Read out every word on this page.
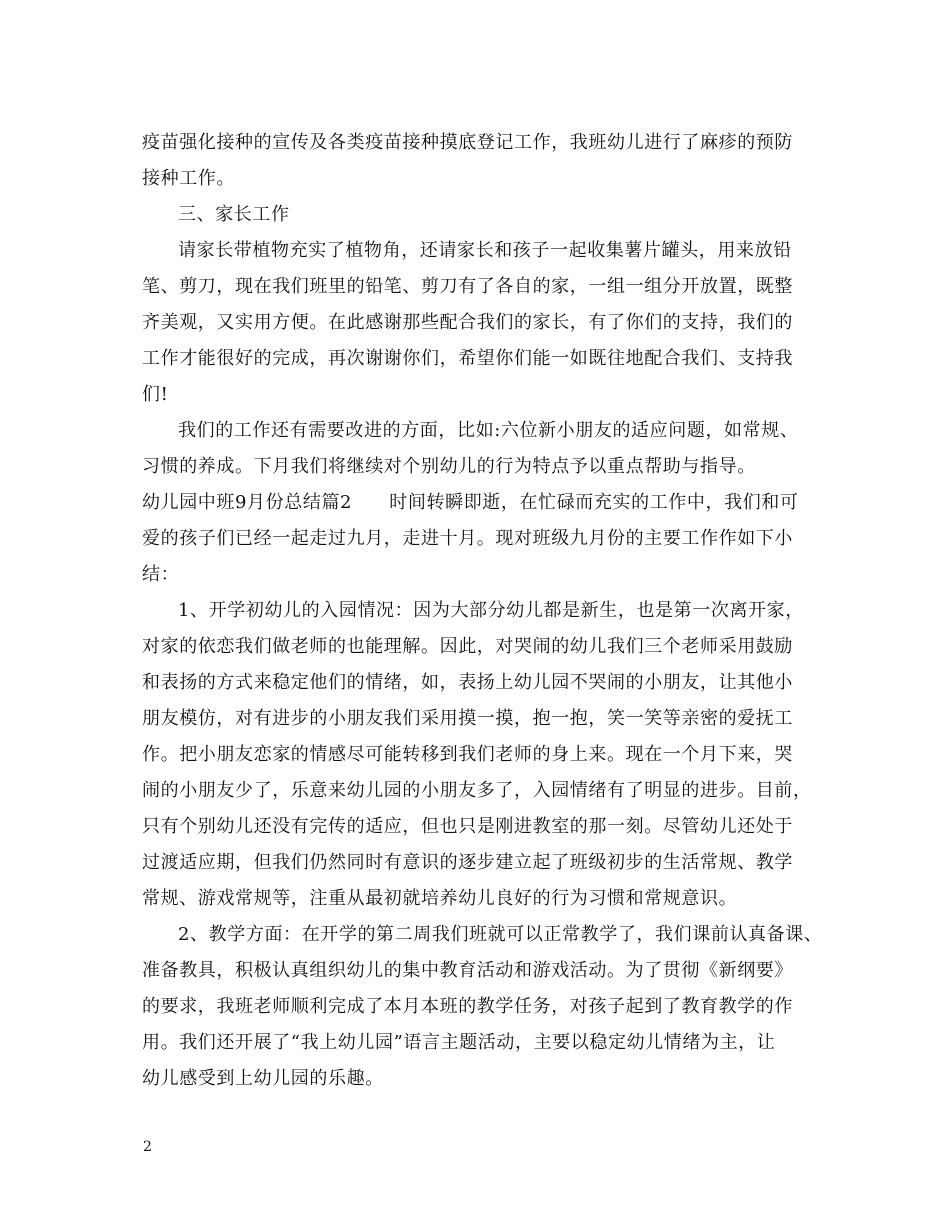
疫苗强化接种的宣传及各类疫苗接种摸底登记工作，我班幼儿进行了麻疹的预防
接种工作。
三、家长工作
请家长带植物充实了植物角，还请家长和孩子一起收集薯片罐头，用来放铅
笔、剪刀，现在我们班里的铅笔、剪刀有了各自的家，一组一组分开放置，既整
齐美观，又实用方便。在此感谢那些配合我们的家长，有了你们的支持，我们的
工作才能很好的完成，再次谢谢你们，希望你们能一如既往地配合我们、支持我
们!
我们的工作还有需要改进的方面，比如:六位新小朋友的适应问题，如常规、
习惯的养成。下月我们将继续对个别幼儿的行为特点予以重点帮助与指导。
幼儿园中班9月份总结篇2　　时间转瞬即逝，在忙碌而充实的工作中，我们和可
爱的孩子们已经一起走过九月，走进十月。现对班级九月份的主要工作作如下小
结：
1、开学初幼儿的入园情况：因为大部分幼儿都是新生，也是第一次离开家，
对家的依恋我们做老师的也能理解。因此，对哭闹的幼儿我们三个老师采用鼓励
和表扬的方式来稳定他们的情绪，如，表扬上幼儿园不哭闹的小朋友，让其他小
朋友模仿，对有进步的小朋友我们采用摸一摸，抱一抱，笑一笑等亲密的爱抚工
作。把小朋友恋家的情感尽可能转移到我们老师的身上来。现在一个月下来，哭
闹的小朋友少了，乐意来幼儿园的小朋友多了，入园情绪有了明显的进步。目前，
只有个别幼儿还没有完传的适应，但也只是刚进教室的那一刻。尽管幼儿还处于
过渡适应期，但我们仍然同时有意识的逐步建立起了班级初步的生活常规、教学
常规、游戏常规等，注重从最初就培养幼儿良好的行为习惯和常规意识。
2、教学方面：在开学的第二周我们班就可以正常教学了，我们课前认真备课、
准备教具，积极认真组织幼儿的集中教育活动和游戏活动。为了贯彻《新纲要》
的要求，我班老师顺利完成了本月本班的教学任务，对孩子起到了教育教学的作
用。我们还开展了“我上幼儿园”语言主题活动，主要以稳定幼儿情绪为主，让
幼儿感受到上幼儿园的乐趣。
2
